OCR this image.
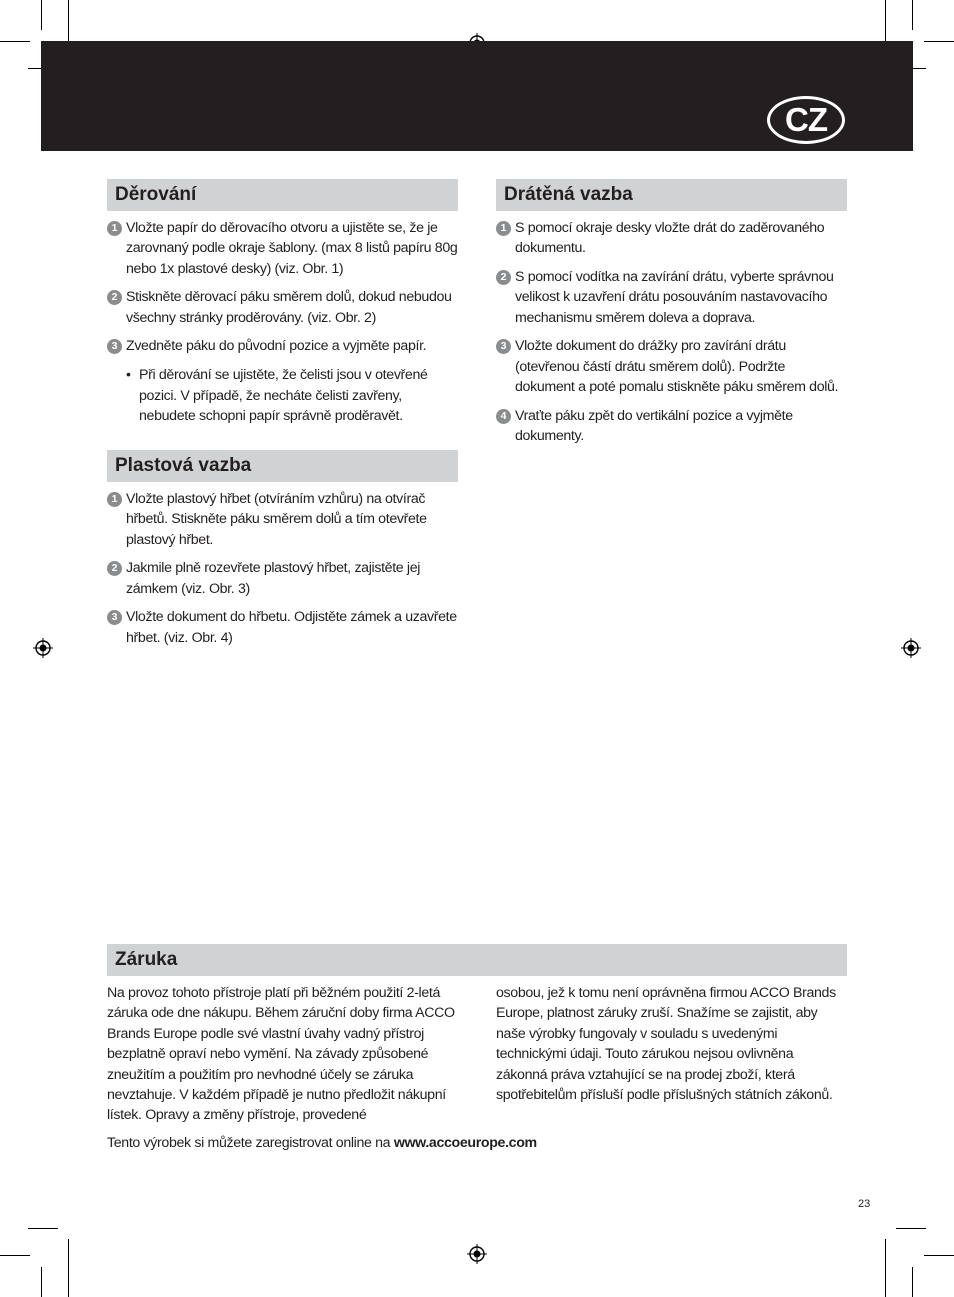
CZ
Děrování
1 Vložte papír do děrovacího otvoru a ujistěte se, že je zarovnaný podle okraje šablony. (max 8 listů papíru 80g nebo 1x plastové desky) (viz. Obr. 1)
2 Stiskněte děrovací páku směrem dolů, dokud nebudou všechny stránky proděrovány. (viz. Obr. 2)
3 Zvedněte páku do původní pozice a vyjměte papír.
• Při děrování se ujistěte, že čelisti jsou v otevřené pozici. V případě, že necháte čelisti zavřeny, nebudete schopni papír správně proděravět.
Plastová vazba
1 Vložte plastový hřbet (otvíráním vzhůru) na otvírač hřbetů. Stiskněte páku směrem dolů a tím otevřete plastový hřbet.
2 Jakmile plně rozevřete plastový hřbet, zajistěte jej zámkem (viz. Obr. 3)
3 Vložte dokument do hřbetu. Odjistěte zámek a uzavřete hřbet. (viz. Obr. 4)
Drátěná vazba
1 S pomocí okraje desky vložte drát do zaděrovaného dokumentu.
2 S pomocí vodítka na zavírání drátu, vyberte správnou velikost k uzavření drátu posouváním nastavovacího mechanismu směrem doleva a doprava.
3 Vložte dokument do drážky pro zavírání drátu (otevřenou částí drátu směrem dolů). Podržte dokument a poté pomalu stiskněte páku směrem dolů.
4 Vraťte páku zpět do vertikální pozice a vyjměte dokumenty.
Záruka
Na provoz tohoto přístroje platí při běžném použití 2-letá záruka ode dne nákupu. Během záruční doby firma ACCO Brands Europe podle své vlastní úvahy vadný přístroj bezplatně opraví nebo vymění. Na závady způsobené zneužitím a použitím pro nevhodné účely se záruka nevztahuje. V každém případě je nutno předložit nákupní lístek. Opravy a změny přístroje, provedené
osobou, jež k tomu není oprávněna firmou ACCO Brands Europe, platnost záruky zruší. Snažíme se zajistit, aby naše výrobky fungovaly v souladu s uvedenými technickými údaji. Touto zárukou nejsou ovlivněna zákonná práva vztahující se na prodej zboží, která spotřebitelům přísluší podle příslušných státních zákonů.
Tento výrobek si můžete zaregistrovat online na www.accoeurope.com
23
